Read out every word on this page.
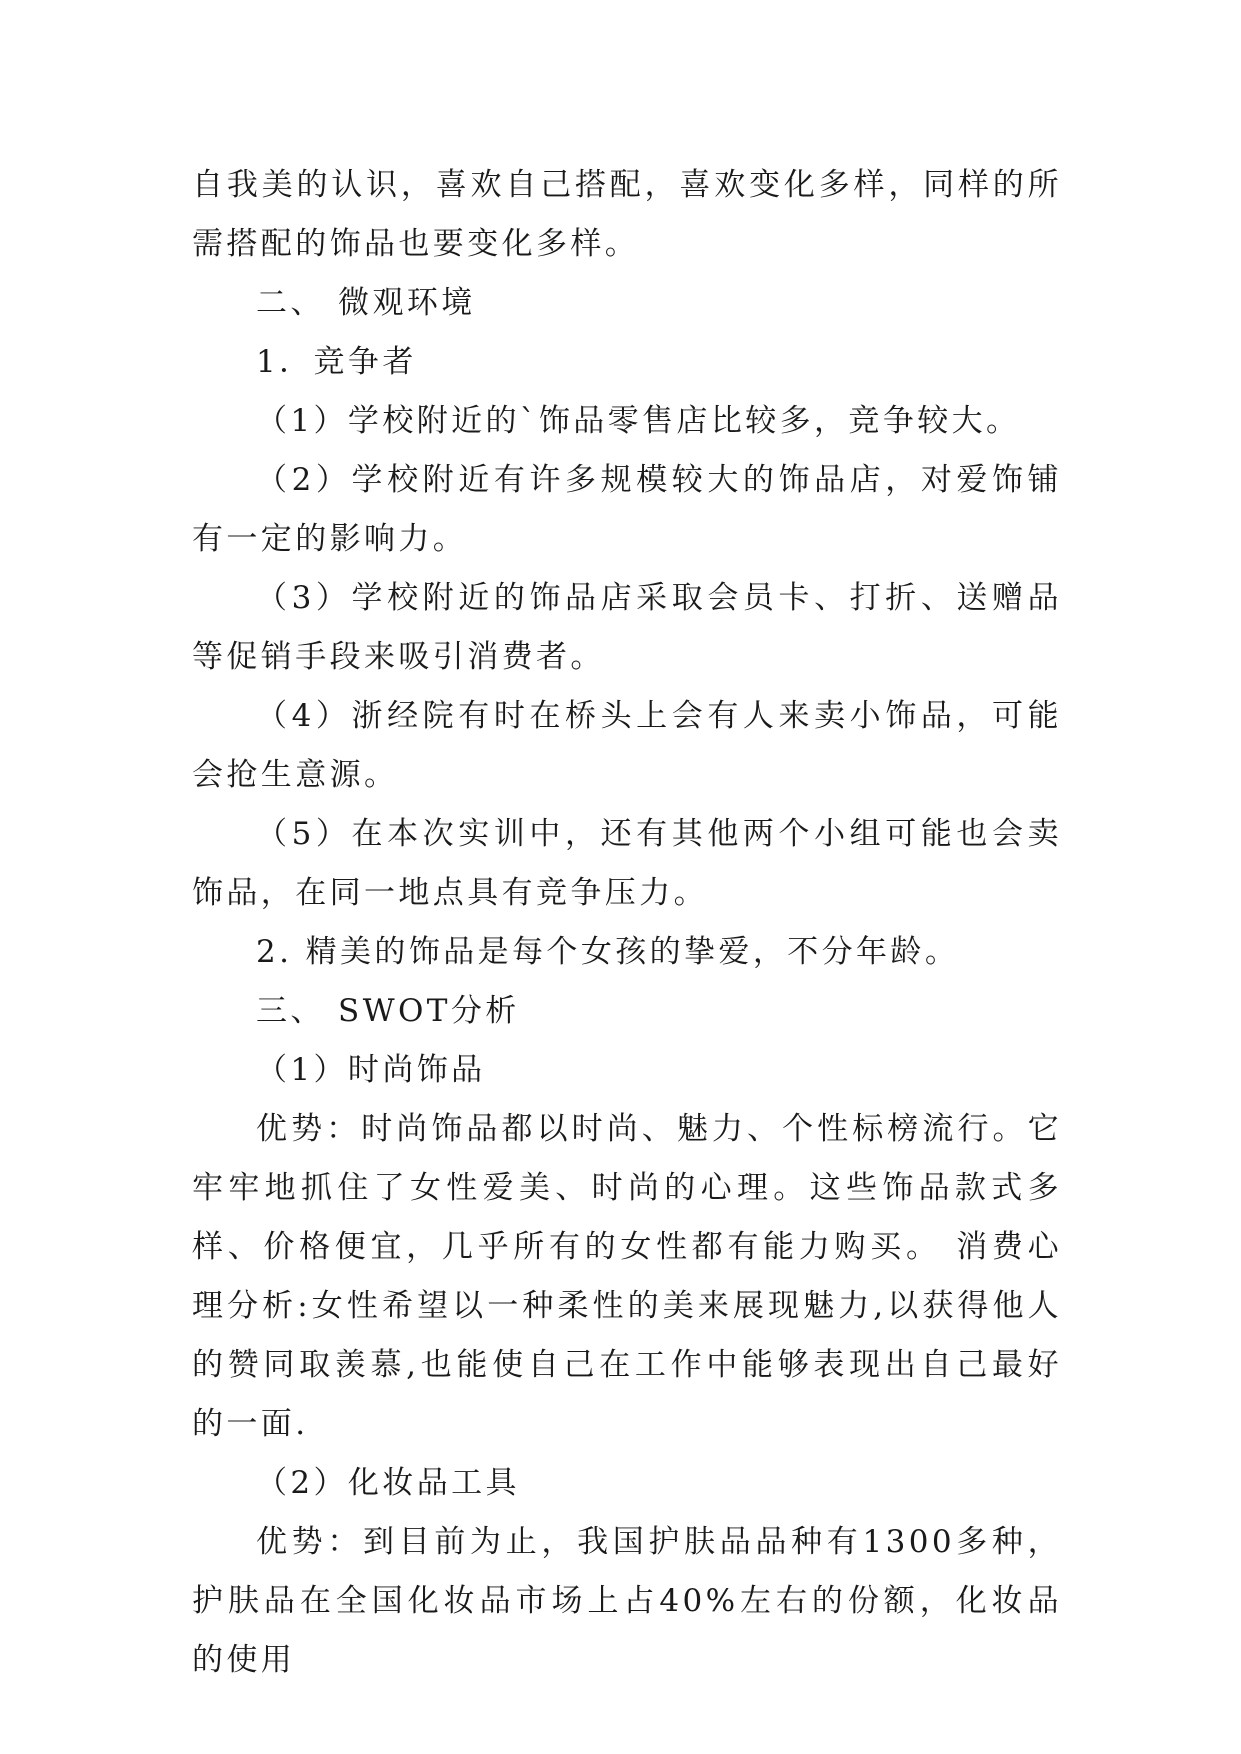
自我美的认识，喜欢自己搭配，喜欢变化多样，同样的所需搭配的饰品也要变化多样。

二、 微观环境

1．竞争者

（1）学校附近的`饰品零售店比较多，竞争较大。

（2）学校附近有许多规模较大的饰品店，对爱饰铺有一定的影响力。

（3）学校附近的饰品店采取会员卡、打折、送赠品等促销手段来吸引消费者。

（4）浙经院有时在桥头上会有人来卖小饰品，可能会抢生意源。

（5）在本次实训中，还有其他两个小组可能也会卖饰品，在同一地点具有竞争压力。

2. 精美的饰品是每个女孩的挚爱，不分年龄。

三、 SWOT分析

（1）时尚饰品

优势：时尚饰品都以时尚、魅力、个性标榜流行。它牢牢地抓住了女性爱美、时尚的心理。这些饰品款式多样、价格便宜，几乎所有的女性都有能力购买。 消费心理分析:女性希望以一种柔性的美来展现魅力,以获得他人的赞同取羡慕,也能使自己在工作中能够表现出自己最好的一面.

（2）化妆品工具

优势：到目前为止，我国护肤品品种有1300多种，护肤品在全国化妆品市场上占40%左右的份额，化妆品的使用
